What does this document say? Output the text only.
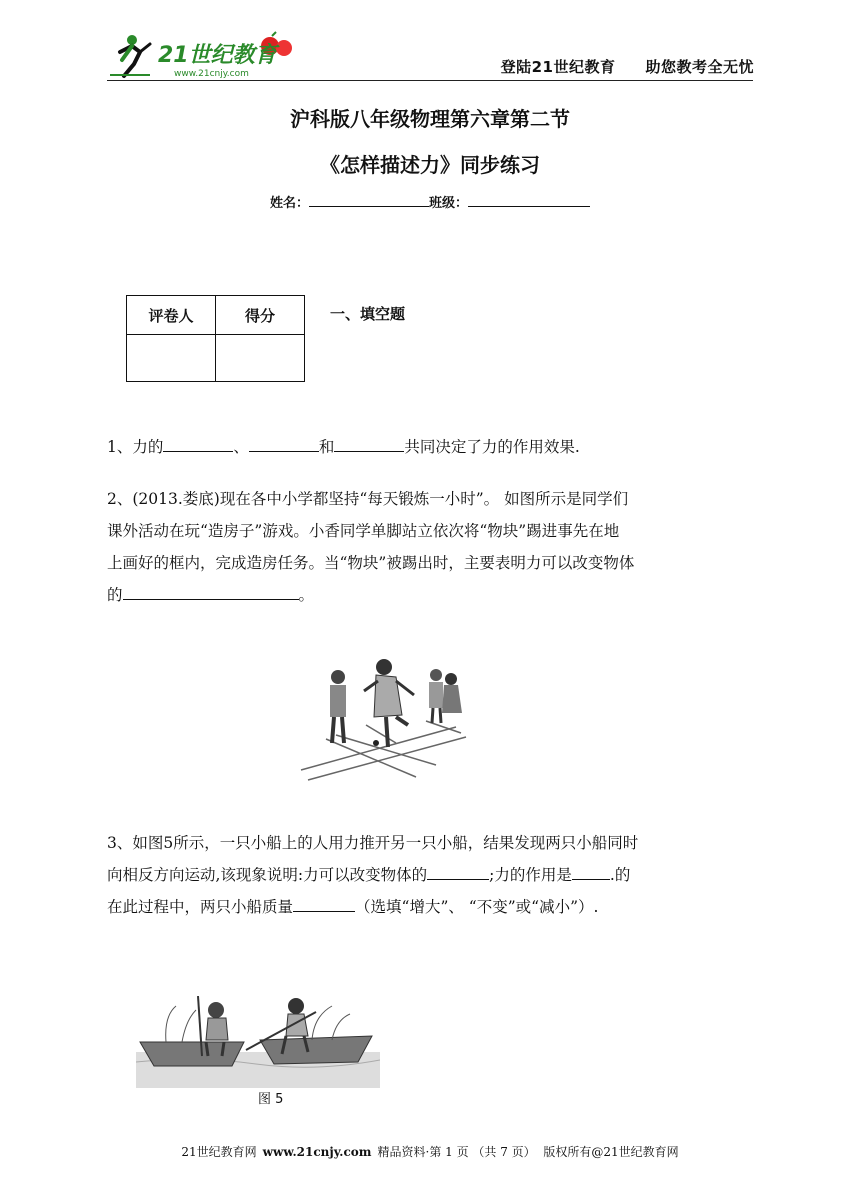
21世纪教育
www.21cnjy.com	登陆21世纪教育 助您教考全无忧
沪科版八年级物理第六章第二节
《怎样描述力》同步练习
姓名：	班级：
评卷人	得分
		一、填空题
1、力的	、	和	共同决定了力的作用效果.
2、(2013.娄底)现在各中小学都坚持“每天锻炼一小时”。 如图所示是同学们
课外活动在玩“造房子”游戏。小香同学单脚站立依次将“物块”踢进事先在地
上画好的框内，完成造房任务。当“物块”被踢出时，主要表明力可以改变物体
的	。
3、如图5所示，一只小船上的人用力推开另一只小船，结果发现两只小船同时
向相反方向运动,该现象说明:力可以改变物体的	;力的作用是 .的
在此过程中，两只小船质量	（选填“增大”、 “不变”或“减小”）.
图 5
21世纪教育网 www.21cnjy.com 精品资料·第 1 页 （共 7 页） 版权所有@21世纪教育网
